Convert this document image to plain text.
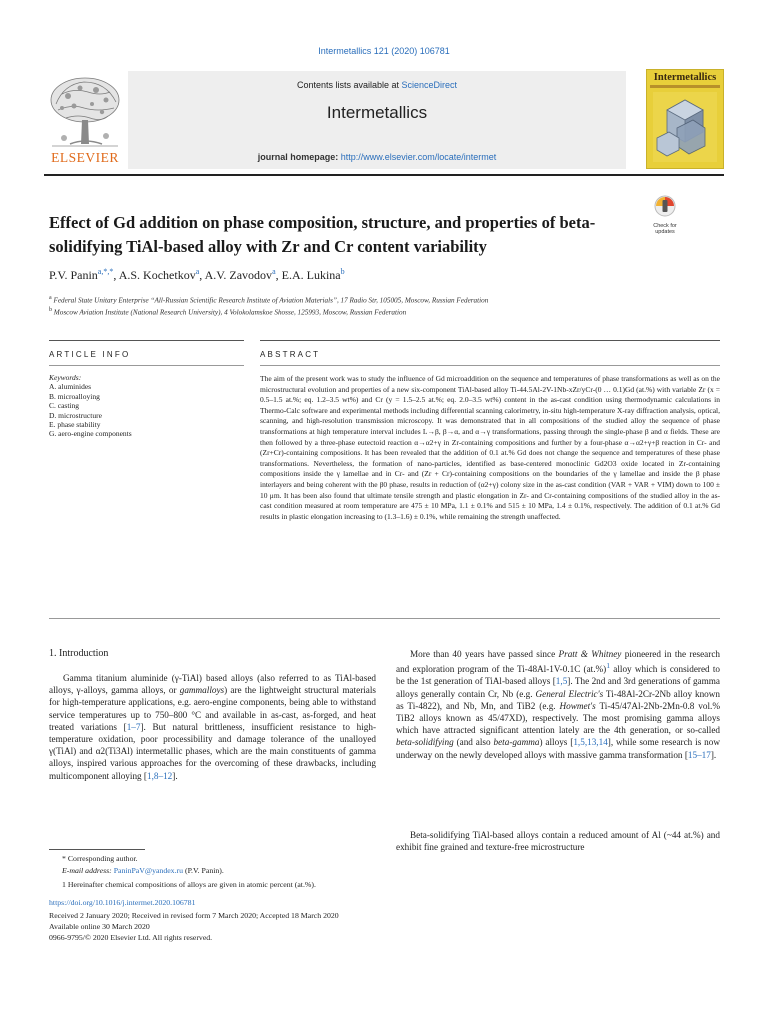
Intermetallics 121 (2020) 106781
Contents lists available at ScienceDirect
Intermetallics
journal homepage: http://www.elsevier.com/locate/intermet
ELSEVIER
Intermetallics
Effect of Gd addition on phase composition, structure, and properties of beta-solidifying TiAl-based alloy with Zr and Cr content variability
Check for
updates
P.V. Panin$^{a,*,*}$, A.S. Kochetkov$^a$, A.V. Zavodov$^a$, E.A. Lukina$^b$
$^a$ Federal State Unitary Enterprise “All-Russian Scientific Research Institute of Aviation Materials”, 17 Radio Str, 105005, Moscow, Russian Federation
$^b$ Moscow Aviation Institute (National Research University), 4 Volokolamskoe Shosse, 125993, Moscow, Russian Federation
ARTICLE INFO	ABSTRACT
Keywords:
A. aluminides
B. microalloying
C. casting
D. microstructure
E. phase stability
G. aero-engine components
The aim of the present work was to study the influence of Gd microaddition on the sequence and temperatures of phase transformations as well as on the microstructural evolution and properties of a new six-component TiAl-based alloy Ti-44.5Al-2V-1Nb-xZr/yCr-(0 … 0.1)Gd (at.%) with variable Zr (x = 0.5–1.5 at.%; eq. 1.2–3.5 wt%) and Cr (y = 1.5–2.5 at.%; eq. 2.0–3.5 wt%) content in the as-cast condition using thermodynamic calculations in Thermo-Calc software and experimental methods including differential scanning calorimetry, in-situ high-temperature X-ray diffraction analysis, optical, scanning, and high-resolution transmission microscopy. It was demonstrated that in all compositions of the studied alloy the sequence of phase transformations at high temperature interval includes L→β, β→α, and α→γ transformations, passing through the single-phase β and α fields. These are then followed by a three-phase eutectoid reaction α→α2+γ in Zr-containing compositions and further by a four-phase α→α2+γ+β reaction in Cr- and (Zr+Cr)-containing compositions. It has been revealed that the addition of 0.1 at.% Gd does not change the sequence and temperatures of these phase transformations. Nevertheless, the formation of nano-particles, identified as base-centered monoclinic Gd2O3 oxide located in Zr-containing compositions inside the γ lamellae and in Cr- and (Zr + Cr)-containing compositions on the boundaries of the γ lamellae and inside the β phase interlayers and being coherent with the β0 phase, results in reduction of (α2+γ) colony size in the as-cast condition (VAR + VAR + VIM) down to 100 ± 10 μm. It has been also found that ultimate tensile strength and plastic elongation in Zr- and Cr-containing compositions of the studied alloy in the as-cast condition measured at room temperature are 475 ± 10 MPa, 1.1 ± 0.1% and 515 ± 10 MPa, 1.4 ± 0.1%, respectively. The addition of 0.1 at.% Gd results in plastic elongation increasing to (1.3–1.6) ± 0.1%, while remaining the strength unaffected.
1. Introduction
Gamma titanium aluminide (γ-TiAl) based alloys (also referred to as TiAl-based alloys, γ-alloys, gamma alloys, or gammalloys) are the lightweight structural materials for high-temperature applications, e.g. aero-engine components, being able to withstand service temperatures up to 750–800 °C and available in as-cast, as-forged, and heat treated variations [1–7]. But natural brittleness, insufficient resistance to high-temperature oxidation, poor processibility and damage tolerance of the unalloyed γ(TiAl) and α2(Ti3Al) intermetallic phases, which are the main constituents of gamma alloys, inspired various approaches for the overcoming of these drawbacks, including multicomponent alloying [1,8–12].
More than 40 years have passed since Pratt & Whitney pioneered in the research and exploration program of the Ti-48Al-1V-0.1C (at.%)$^1$ alloy which is considered to be the 1st generation of TiAl-based alloys [1,5]. The 2nd and 3rd generations of gamma alloys generally contain Cr, Nb (e.g. General Electric's Ti-48Al-2Cr-2Nb alloy known as Ti-4822), and Nb, Mn, and TiB2 (e.g. Howmet's Ti-45/47Al-2Nb-2Mn-0.8 vol.% TiB2 alloys known as 45/47XD), respectively. The most promising gamma alloys which have attracted significant attention lately are the 4th generation, or so-called beta-solidifying (and also beta-gamma) alloys [1,5,13,14], while some research is now underway on the newly developed alloys with massive gamma transformation [15–17].
Beta-solidifying TiAl-based alloys contain a reduced amount of Al (~44 at.%) and exhibit fine grained and texture-free microstructure
* Corresponding author.
E-mail address: PaninPaV@yandex.ru (P.V. Panin).
1 Hereinafter chemical compositions of alloys are given in atomic percent (at.%).
https://doi.org/10.1016/j.intermet.2020.106781
Received 2 January 2020; Received in revised form 7 March 2020; Accepted 18 March 2020
Available online 30 March 2020
0966-9795/© 2020 Elsevier Ltd. All rights reserved.
